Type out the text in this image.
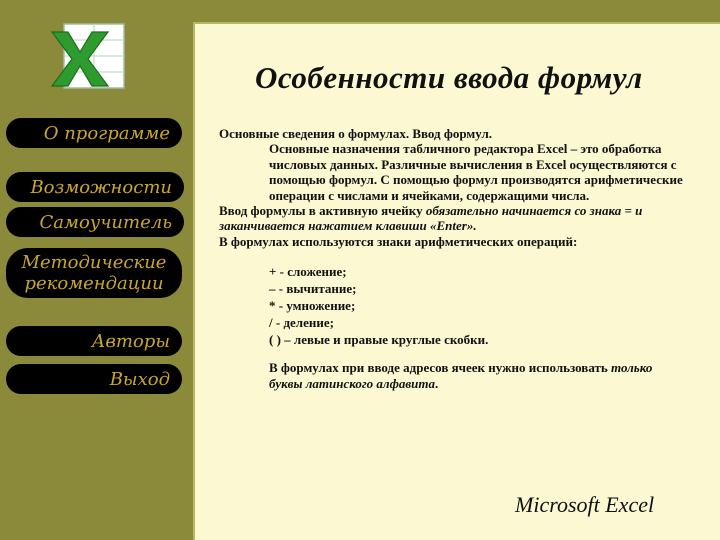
О программе
Возможности
Самоучитель
Методические
рекомендации
Авторы
Выход
Особенности ввода формул

Основные сведения о формулах. Ввод формул.

Основные назначения табличного редактора Excel – это обработка числовых данных. Различные вычисления в Excel осуществляются с помощью формул. С помощью формул производятся арифметические операции с числами и ячейками, содержащими числа.

Ввод формулы в активную ячейку обязательно начинается со знака = и заканчивается нажатием клавиши «Enter».

В формулах используются знаки арифметических операций:

+ - сложение;
– - вычитание;
* - умножение;
/ - деление;
( ) – левые и правые круглые скобки.

В формулах при вводе адресов ячеек нужно использовать только буквы латинского алфавита.

Microsoft Excel
